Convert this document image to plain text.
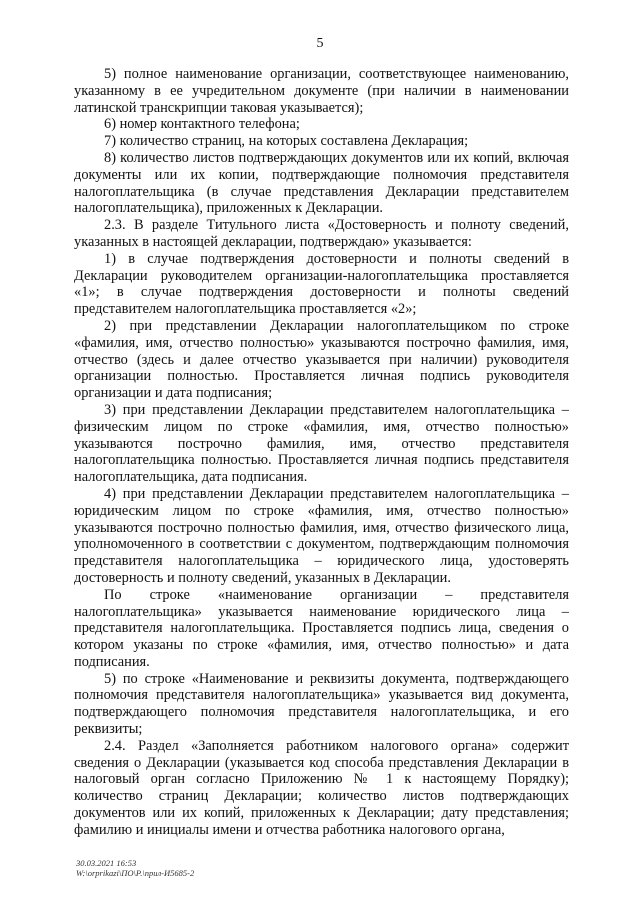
5

5) полное наименование организации, соответствующее наименованию, указанному в ее учредительном документе (при наличии в наименовании латинской транскрипции таковая указывается);

6) номер контактного телефона;

7) количество страниц, на которых составлена Декларация;

8) количество листов подтверждающих документов или их копий, включая документы или их копии, подтверждающие полномочия представителя налогоплательщика (в случае представления Декларации представителем налогоплательщика), приложенных к Декларации.

2.3. В разделе Титульного листа «Достоверность и полноту сведений, указанных в настоящей декларации, подтверждаю» указывается:

1) в случае подтверждения достоверности и полноты сведений в Декларации руководителем организации-налогоплательщика проставляется «1»; в случае подтверждения достоверности и полноты сведений представителем налогоплательщика проставляется «2»;

2) при представлении Декларации налогоплательщиком по строке «фамилия, имя, отчество полностью» указываются построчно фамилия, имя, отчество (здесь и далее отчество указывается при наличии) руководителя организации полностью. Проставляется личная подпись руководителя организации и дата подписания;

3) при представлении Декларации представителем налогоплательщика – физическим лицом по строке «фамилия, имя, отчество полностью» указываются построчно фамилия, имя, отчество представителя налогоплательщика полностью. Проставляется личная подпись представителя налогоплательщика, дата подписания.

4) при представлении Декларации представителем налогоплательщика – юридическим лицом по строке «фамилия, имя, отчество полностью» указываются построчно полностью фамилия, имя, отчество физического лица, уполномоченного в соответствии с документом, подтверждающим полномочия представителя налогоплательщика – юридического лица, удостоверять достоверность и полноту сведений, указанных в Декларации.

По строке «наименование организации – представителя налогоплательщика» указывается наименование юридического лица – представителя налогоплательщика. Проставляется подпись лица, сведения о котором указаны по строке «фамилия, имя, отчество полностью» и дата подписания.

5) по строке «Наименование и реквизиты документа, подтверждающего полномочия представителя налогоплательщика» указывается вид документа, подтверждающего полномочия представителя налогоплательщика, и его реквизиты;

2.4. Раздел «Заполняется работником налогового органа» содержит сведения о Декларации (указывается код способа представления Декларации в налоговый орган согласно Приложению № 1 к настоящему Порядку); количество страниц Декларации; количество листов подтверждающих документов или их копий, приложенных к Декларации; дату представления; фамилию и инициалы имени и отчества работника налогового органа,

30.03.2021 16:53
W:\orprikazi\ПО\Р.\прил-И5685-2
